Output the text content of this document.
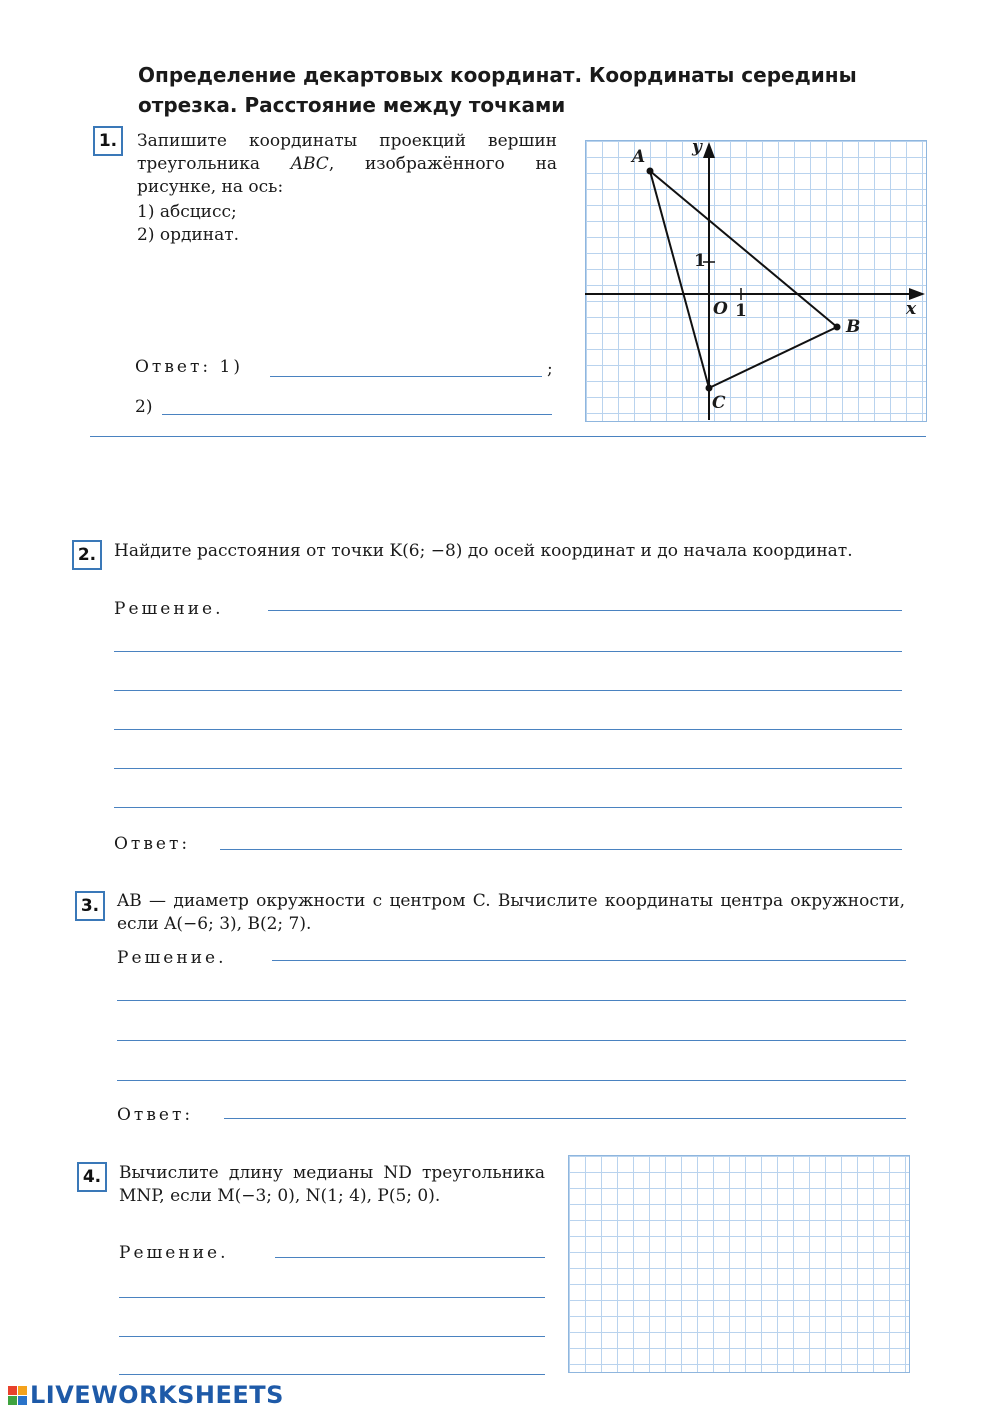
Определение декартовых координат. Координаты середины отрезка. Расстояние между точками
1.	Запишите координаты проекций вершин треугольника ABC, изображённого на рисунке, на ось:
1) абсцисс;
2) ординат.
Ответ: 1)	;
2)
A
B
C
y
x
O 1
1
2.	Найдите расстояния от точки K(6; −8) до осей координат и до начала координат.
Решение.
Ответ:
3.	AB — диаметр окружности с центром C. Вычислите координаты центра окружности, если A(−6; 3), B(2; 7).
Решение.
Ответ:
4.	Вычислите длину медианы ND треугольника MNP, если M(−3; 0), N(1; 4), P(5; 0).
Решение.
LIVEWORKSHEETS
